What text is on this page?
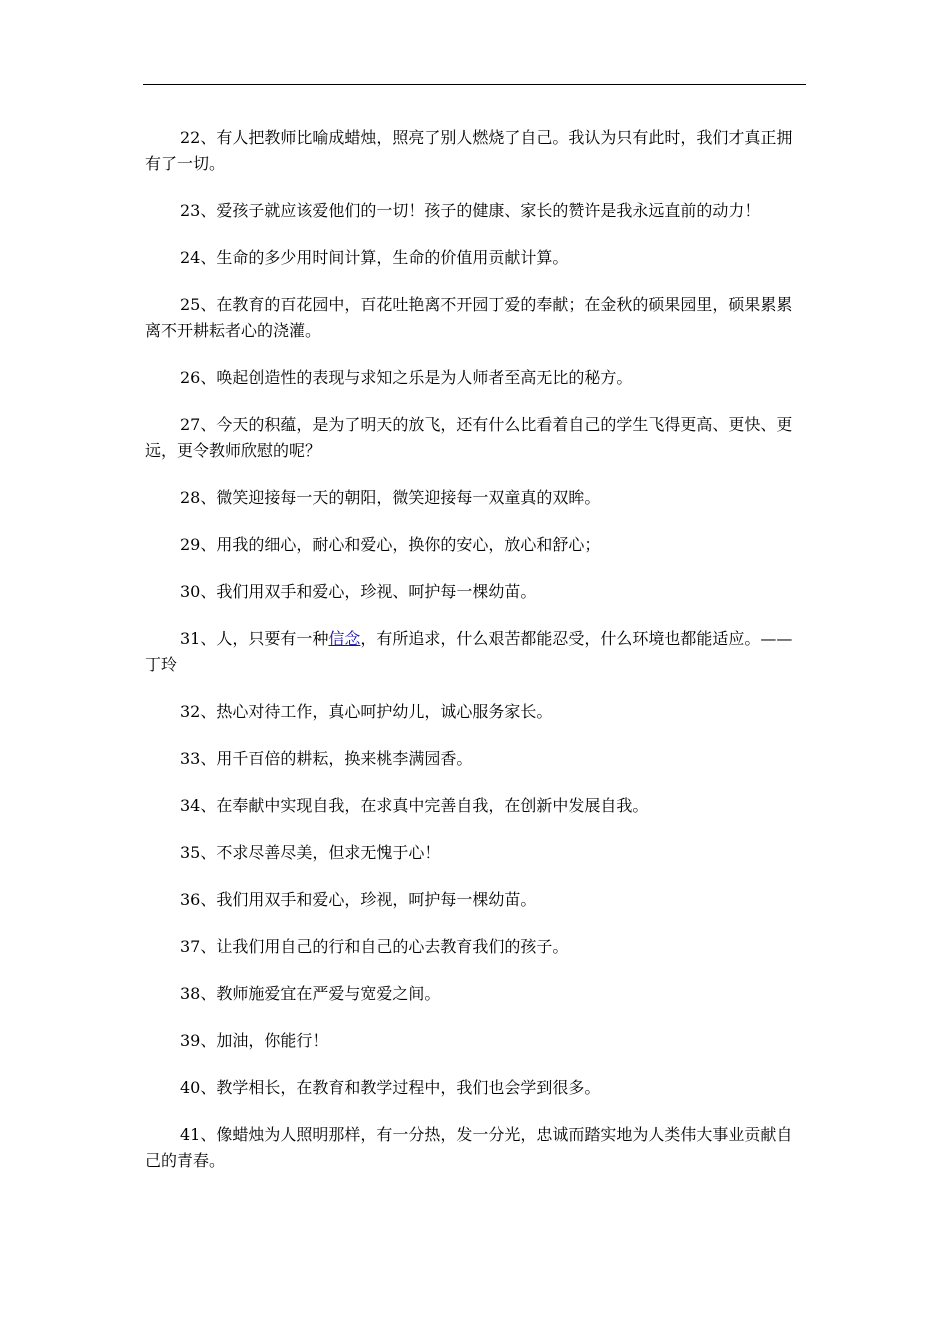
22、有人把教师比喻成蜡烛，照亮了别人燃烧了自己。我认为只有此时，我们才真正拥有了一切。

23、爱孩子就应该爱他们的一切！孩子的健康、家长的赞许是我永远直前的动力！

24、生命的多少用时间计算，生命的价值用贡献计算。

25、在教育的百花园中，百花吐艳离不开园丁爱的奉献；在金秋的硕果园里，硕果累累离不开耕耘者心的浇灌。

26、唤起创造性的表现与求知之乐是为人师者至高无比的秘方。

27、今天的积蕴，是为了明天的放飞，还有什么比看着自己的学生飞得更高、更快、更远，更令教师欣慰的呢？

28、微笑迎接每一天的朝阳，微笑迎接每一双童真的双眸。

29、用我的细心，耐心和爱心，换你的安心，放心和舒心；

30、我们用双手和爱心，珍视、呵护每一棵幼苗。

31、人，只要有一种信念，有所追求，什么艰苦都能忍受，什么环境也都能适应。——丁玲

32、热心对待工作，真心呵护幼儿，诚心服务家长。

33、用千百倍的耕耘，换来桃李满园香。

34、在奉献中实现自我，在求真中完善自我，在创新中发展自我。

35、不求尽善尽美，但求无愧于心！

36、我们用双手和爱心，珍视，呵护每一棵幼苗。

37、让我们用自己的行和自己的心去教育我们的孩子。

38、教师施爱宜在严爱与宽爱之间。

39、加油，你能行！

40、教学相长，在教育和教学过程中，我们也会学到很多。

41、像蜡烛为人照明那样，有一分热，发一分光，忠诚而踏实地为人类伟大事业贡献自己的青春。
